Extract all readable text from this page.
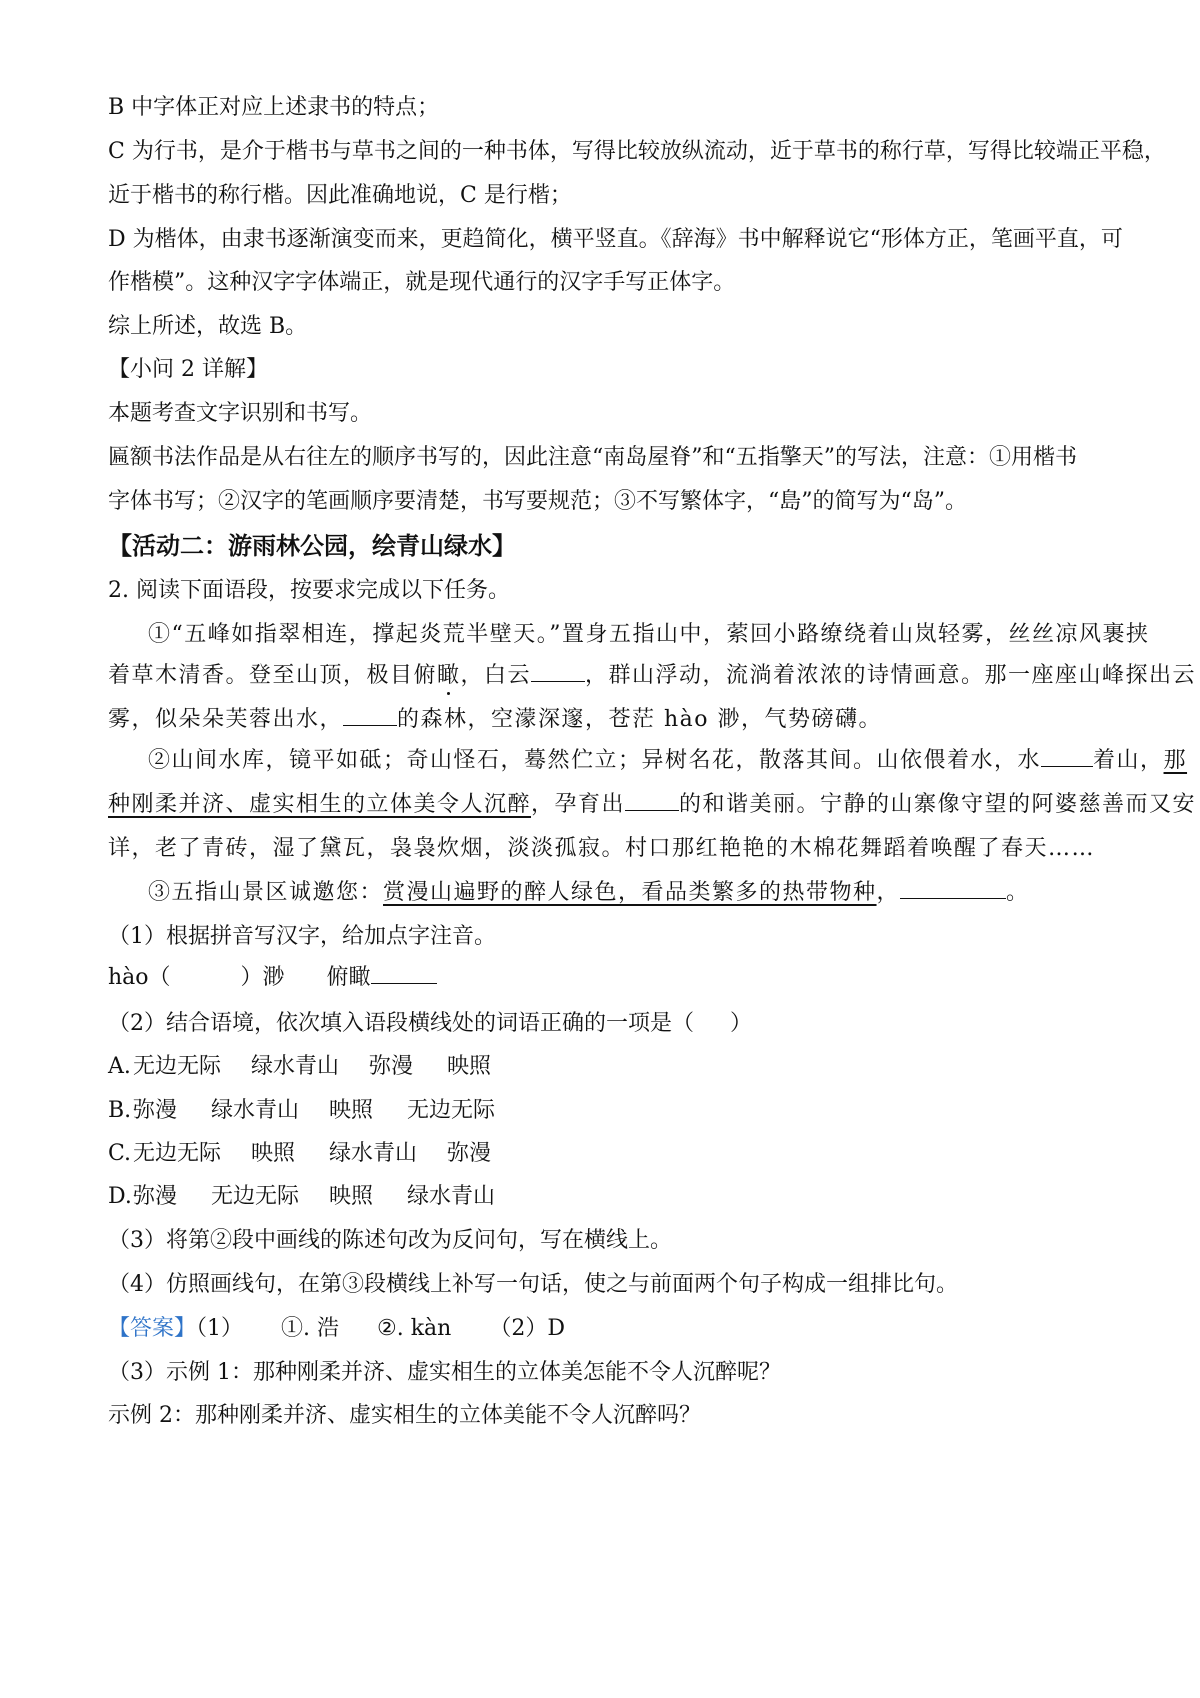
B 中字体正对应上述隶书的特点；
C 为行书，是介于楷书与草书之间的一种书体，写得比较放纵流动，近于草书的称行草，写得比较端正平稳，
近于楷书的称行楷。因此准确地说，C 是行楷；
D 为楷体，由隶书逐渐演变而来，更趋简化，横平竖直。《辞海》书中解释说它“形体方正，笔画平直，可
作楷模”。这种汉字字体端正，就是现代通行的汉字手写正体字。
综上所述，故选 B。
【小问 2 详解】
本题考查文字识别和书写。
匾额书法作品是从右往左的顺序书写的，因此注意“南岛屋脊”和“五指擎天”的写法，注意：①用楷书
字体书写；②汉字的笔画顺序要清楚，书写要规范；③不写繁体字，“島”的简写为“岛”。
【活动二：游雨林公园，绘青山绿水】
2. 阅读下面语段，按要求完成以下任务。
①“五峰如指翠相连，撑起炎荒半壁天。”置身五指山中，萦回小路缭绕着山岚轻雾，丝丝凉风裹挟
着草木清香。登至山顶，极目俯瞰，白云 ，群山浮动，流淌着浓浓的诗情画意。那一座座山峰探出云
雾，似朵朵芙蓉出水， 的森林，空濛深邃，苍茫 hào 渺，气势磅礴。
②山间水库，镜平如砥；奇山怪石，蓦然伫立；异树名花，散落其间。山依偎着水，水 着山，那
种刚柔并济、虚实相生的立体美令人沉醉，孕育出 的和谐美丽。宁静的山寨像守望的阿婆慈善而又安
详，老了青砖，湿了黛瓦，袅袅炊烟，淡淡孤寂。村口那红艳艳的木棉花舞蹈着唤醒了春天……
③五指山景区诚邀您：赏漫山遍野的醉人绿色，看品类繁多的热带物种，	。
（1）根据拼音写汉字，给加点字注音。
hào（	）渺 俯瞰
（2）结合语境，依次填入语段横线处的词语正确的一项是（ ）
A.无边无际 绿水青山 弥漫 映照
B.弥漫 绿水青山 映照 无边无际
C.无边无际 映照 绿水青山 弥漫
D.弥漫 无边无际 映照 绿水青山
（3）将第②段中画线的陈述句改为反问句，写在横线上。
（4）仿照画线句，在第③段横线上补写一句话，使之与前面两个句子构成一组排比句。
【答案】（1） ①. 浩 ②. kàn （2）D
（3）示例 1：那种刚柔并济、虚实相生的立体美怎能不令人沉醉呢？
示例 2：那种刚柔并济、虚实相生的立体美能不令人沉醉吗？
